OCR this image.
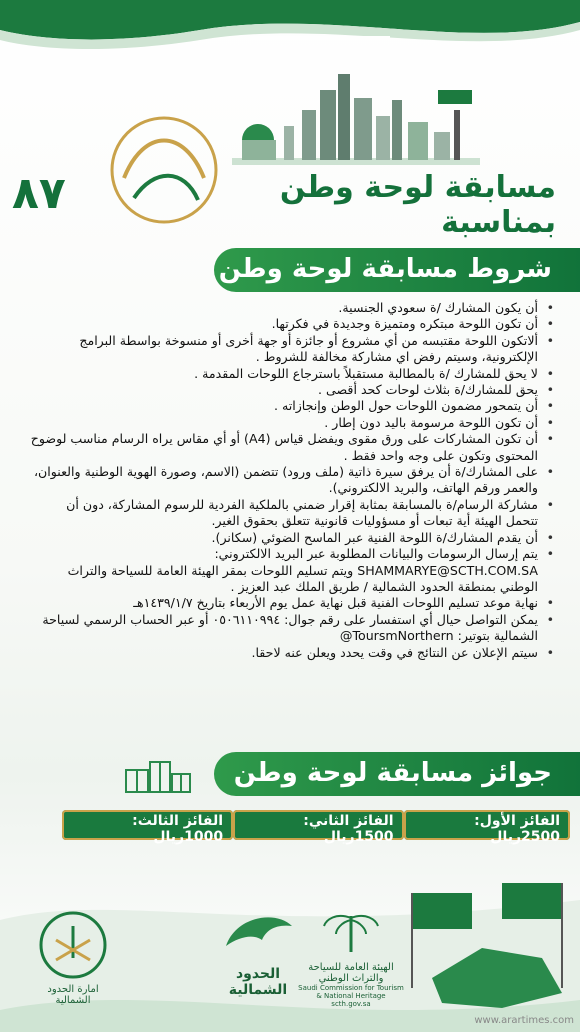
٨٧	مسابقة لوحة وطن بمناسبة
شروط مسابقة لوحة وطن
• أن يكون المشارك /ة سعودي الجنسية.
• أن تكون اللوحة مبتكره ومتميزة وجديدة في فكرتها.
• ألاتكون اللوحة مقتبسه من أي مشروع أو جائزة أو جهة أخرى أو منسوخة بواسطة البرامج الإلكترونية، وسيتم رفض اي مشاركة مخالفة للشروط .
• لا يحق للمشارك /ة بالمطالبة مستقبلاً باسترجاع اللوحات المقدمة .
• يحق للمشارك/ة بثلاث لوحات كحد أقصى .
• أن يتمحور مضمون اللوحات حول الوطن وإنجازاته .
• أن تكون اللوحة مرسومة باليد دون إطار .
• أن تكون المشاركات على ورق مقوى ويفضل قياس (A4) أو أي مقاس يراه الرسام مناسب لوضوح المحتوى وتكون على وجه واحد فقط .
• على المشارك/ة أن يرفق سيرة ذاتية (ملف ورود) تتضمن (الاسم، وصورة الهوية الوطنية والعنوان، والعمر ورقم الهاتف، والبريد الالكتروني).
• مشاركة الرسام/ة بالمسابقة بمثابة إقرار ضمني بالملكية الفردية للرسوم المشاركة، دون أن تتحمل الهيئة أية تبعات أو مسؤوليات قانونية تتعلق بحقوق الغير.
• أن يقدم المشارك/ة اللوحة الفنية عبر الماسح الضوئي (سكانر).
• يتم إرسال الرسومات والبيانات المطلوبة عبر البريد الالكتروني: SHAMMARYE@SCTH.COM.SA ويتم تسليم اللوحات بمقر الهيئة العامة للسياحة والتراث الوطني بمنطقة الحدود الشمالية / طريق الملك عبد العزيز .
• نهاية موعد تسليم اللوحات الفنية قبل نهاية عمل يوم الأربعاء بتاريخ ١٤٣٩/١/٧هـ
• يمكن التواصل حيال أي استفسار على رقم جوال: ٠٥٠٦١١٠٩٩٤ أو عبر الحساب الرسمي لسياحة الشمالية بتوتير: ToursmNorthern@
• سيتم الإعلان عن النتائج في وقت يحدد ويعلن عنه لاحقا.
جوائز مسابقة لوحة وطن
الفائز الأول: 2500ريال
الفائز الثاني: 1500ريال
الفائز الثالث: 1000ريال
الهيئة العامة للسياحة والتراث الوطني
Saudi Commission for Tourism & National Heritage
scth.gov.sa
الحدود الشمالية
امارة الحدود الشمالية
www.arartimes.com
